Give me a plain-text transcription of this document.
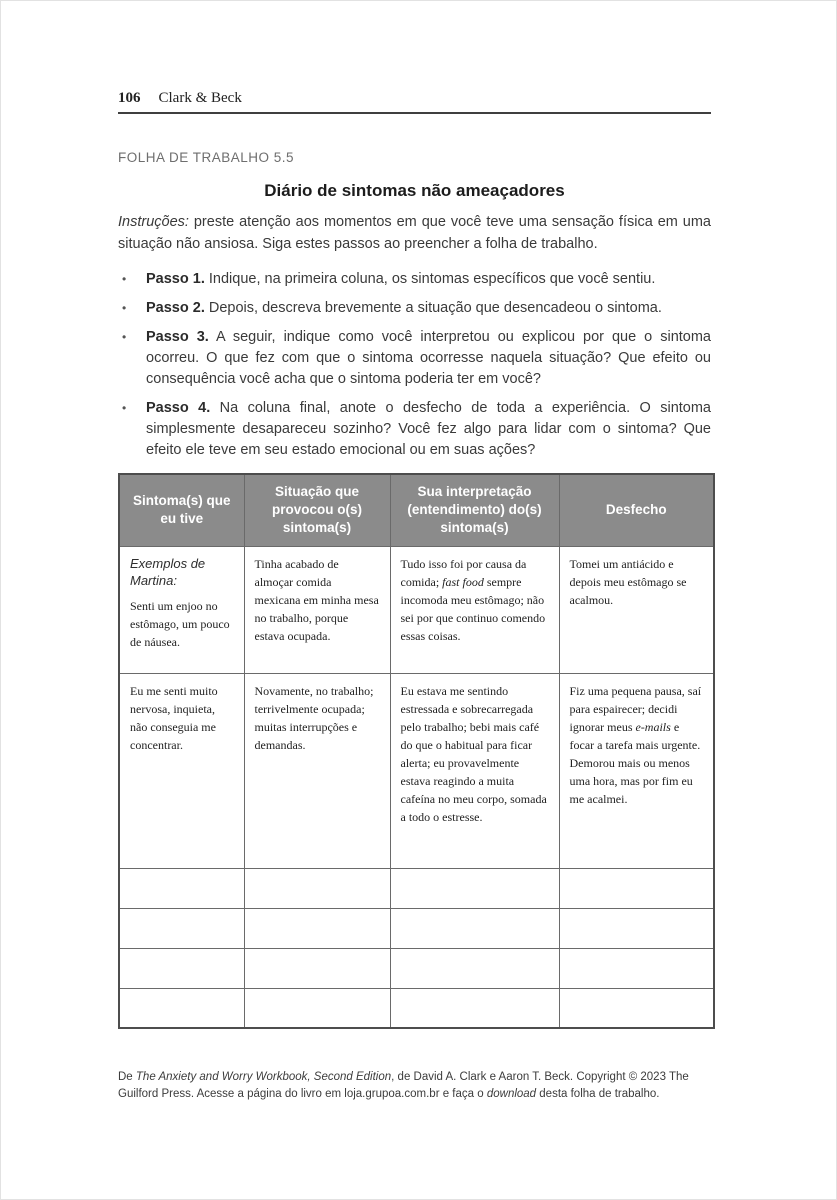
106 Clark & Beck
FOLHA DE TRABALHO 5.5
Diário de sintomas não ameaçadores

Instruções: preste atenção aos momentos em que você teve uma sensação física em uma situação não ansiosa. Siga estes passos ao preencher a folha de trabalho.

• Passo 1. Indique, na primeira coluna, os sintomas específicos que você sentiu.
• Passo 2. Depois, descreva brevemente a situação que desencadeou o sintoma.
• Passo 3. A seguir, indique como você interpretou ou explicou por que o sintoma ocorreu. O que fez com que o sintoma ocorresse naquela situação? Que efeito ou consequência você acha que o sintoma poderia ter em você?
• Passo 4. Na coluna final, anote o desfecho de toda a experiência. O sintoma simplesmente desapareceu sozinho? Você fez algo para lidar com o sintoma? Que efeito ele teve em seu estado emocional ou em suas ações?
Sintoma(s) que eu tive	Situação que provocou o(s) sintoma(s)	Sua interpretação (entendimento) do(s) sintoma(s)	Desfecho

Exemplos de Martina:
Senti um enjoo no estômago, um pouco de náusea.	Tinha acabado de almoçar comida mexicana em minha mesa no trabalho, porque estava ocupada.	Tudo isso foi por causa da comida; fast food sempre incomoda meu estômago; não sei por que continuo comendo essas coisas.	Tomei um antiácido e depois meu estômago se acalmou.
Eu me senti muito nervosa, inquieta, não conseguia me concentrar.	Novamente, no trabalho; terrivelmente ocupada; muitas interrupções e demandas.	Eu estava me sentindo estressada e sobrecarregada pelo trabalho; bebi mais café do que o habitual para ficar alerta; eu provavelmente estava reagindo a muita cafeína no meu corpo, somada a todo o estresse.	Fiz uma pequena pausa, saí para espairecer; decidi ignorar meus e-mails e focar a tarefa mais urgente. Demorou mais ou menos uma hora, mas por fim eu me acalmei.

De The Anxiety and Worry Workbook, Second Edition, de David A. Clark e Aaron T. Beck. Copyright © 2023 The Guilford Press. Acesse a página do livro em loja.grupoa.com.br e faça o download desta folha de trabalho.
